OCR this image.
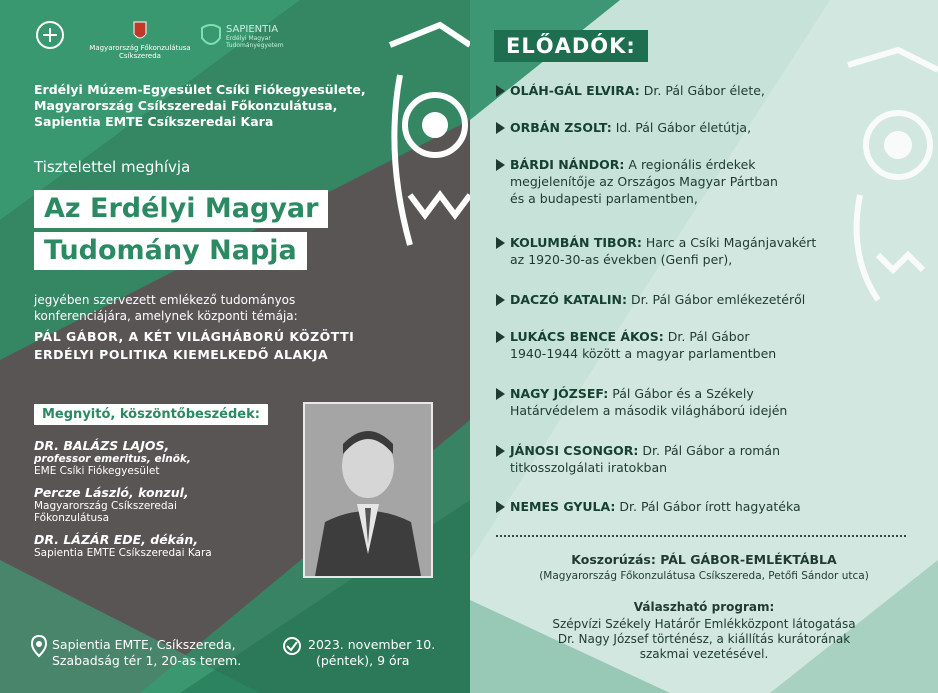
Magyarország Főkonzulátusa Csíkszereda
SAPIENTIA
Erdélyi Magyar Tudományegyetem
Erdélyi Múzem-Egyesület Csíki Fiókegyesülete,
Magyarország Csíkszeredai Főkonzulátusa,
Sapientia EMTE Csíkszeredai Kara
Tisztelettel meghívja
Az Erdélyi Magyar
Tudomány Napja
jegyében szervezett emlékező tudományos
konferenciájára, amelynek központi témája:
PÁL GÁBOR, A KÉT VILÁGHÁBORÚ KÖZÖTTI
ERDÉLYI POLITIKA KIEMELKEDŐ ALAKJA
Megnyitó, köszöntőbeszédek:
DR. BALÁZS LAJOS,
professor emeritus, elnök,
EME Csíki Fiókegyesület
Percze László, konzul,
Magyarország Csíkszeredai
Főkonzulátusa
DR. LÁZÁR EDE, dékán,
Sapientia EMTE Csíkszeredai Kara
Sapientia EMTE, Csíkszereda,
Szabadság tér 1, 20-as terem.
2023. november 10.
(péntek), 9 óra
ELŐADÓK:
OLÁH-GÁL ELVIRA: Dr. Pál Gábor élete,
ORBÁN ZSOLT: Id. Pál Gábor életútja,
BÁRDI NÁNDOR: A regionális érdekek
megjelenítője az Országos Magyar Pártban
és a budapesti parlamentben,
KOLUMBÁN TIBOR: Harc a Csíki Magánjavakért
az 1920-30-as években (Genfi per),
DACZÓ KATALIN: Dr. Pál Gábor emlékezetéről
LUKÁCS BENCE ÁKOS: Dr. Pál Gábor
1940-1944 között a magyar parlamentben
NAGY JÓZSEF: Pál Gábor és a Székely
Határvédelem a második világháború idején
JÁNOSI CSONGOR: Dr. Pál Gábor a román
titkosszolgálati iratokban
NEMES GYULA: Dr. Pál Gábor írott hagyatéka
Koszorúzás: PÁL GÁBOR-EMLÉKTÁBLA
(Magyarország Főkonzulátusa Csíkszereda, Petőfi Sándor utca)
Válaszható program:
Szépvízi Székely Határőr Emlékközpont látogatása
Dr. Nagy József történész, a kiállítás kurátorának
szakmai vezetésével.
